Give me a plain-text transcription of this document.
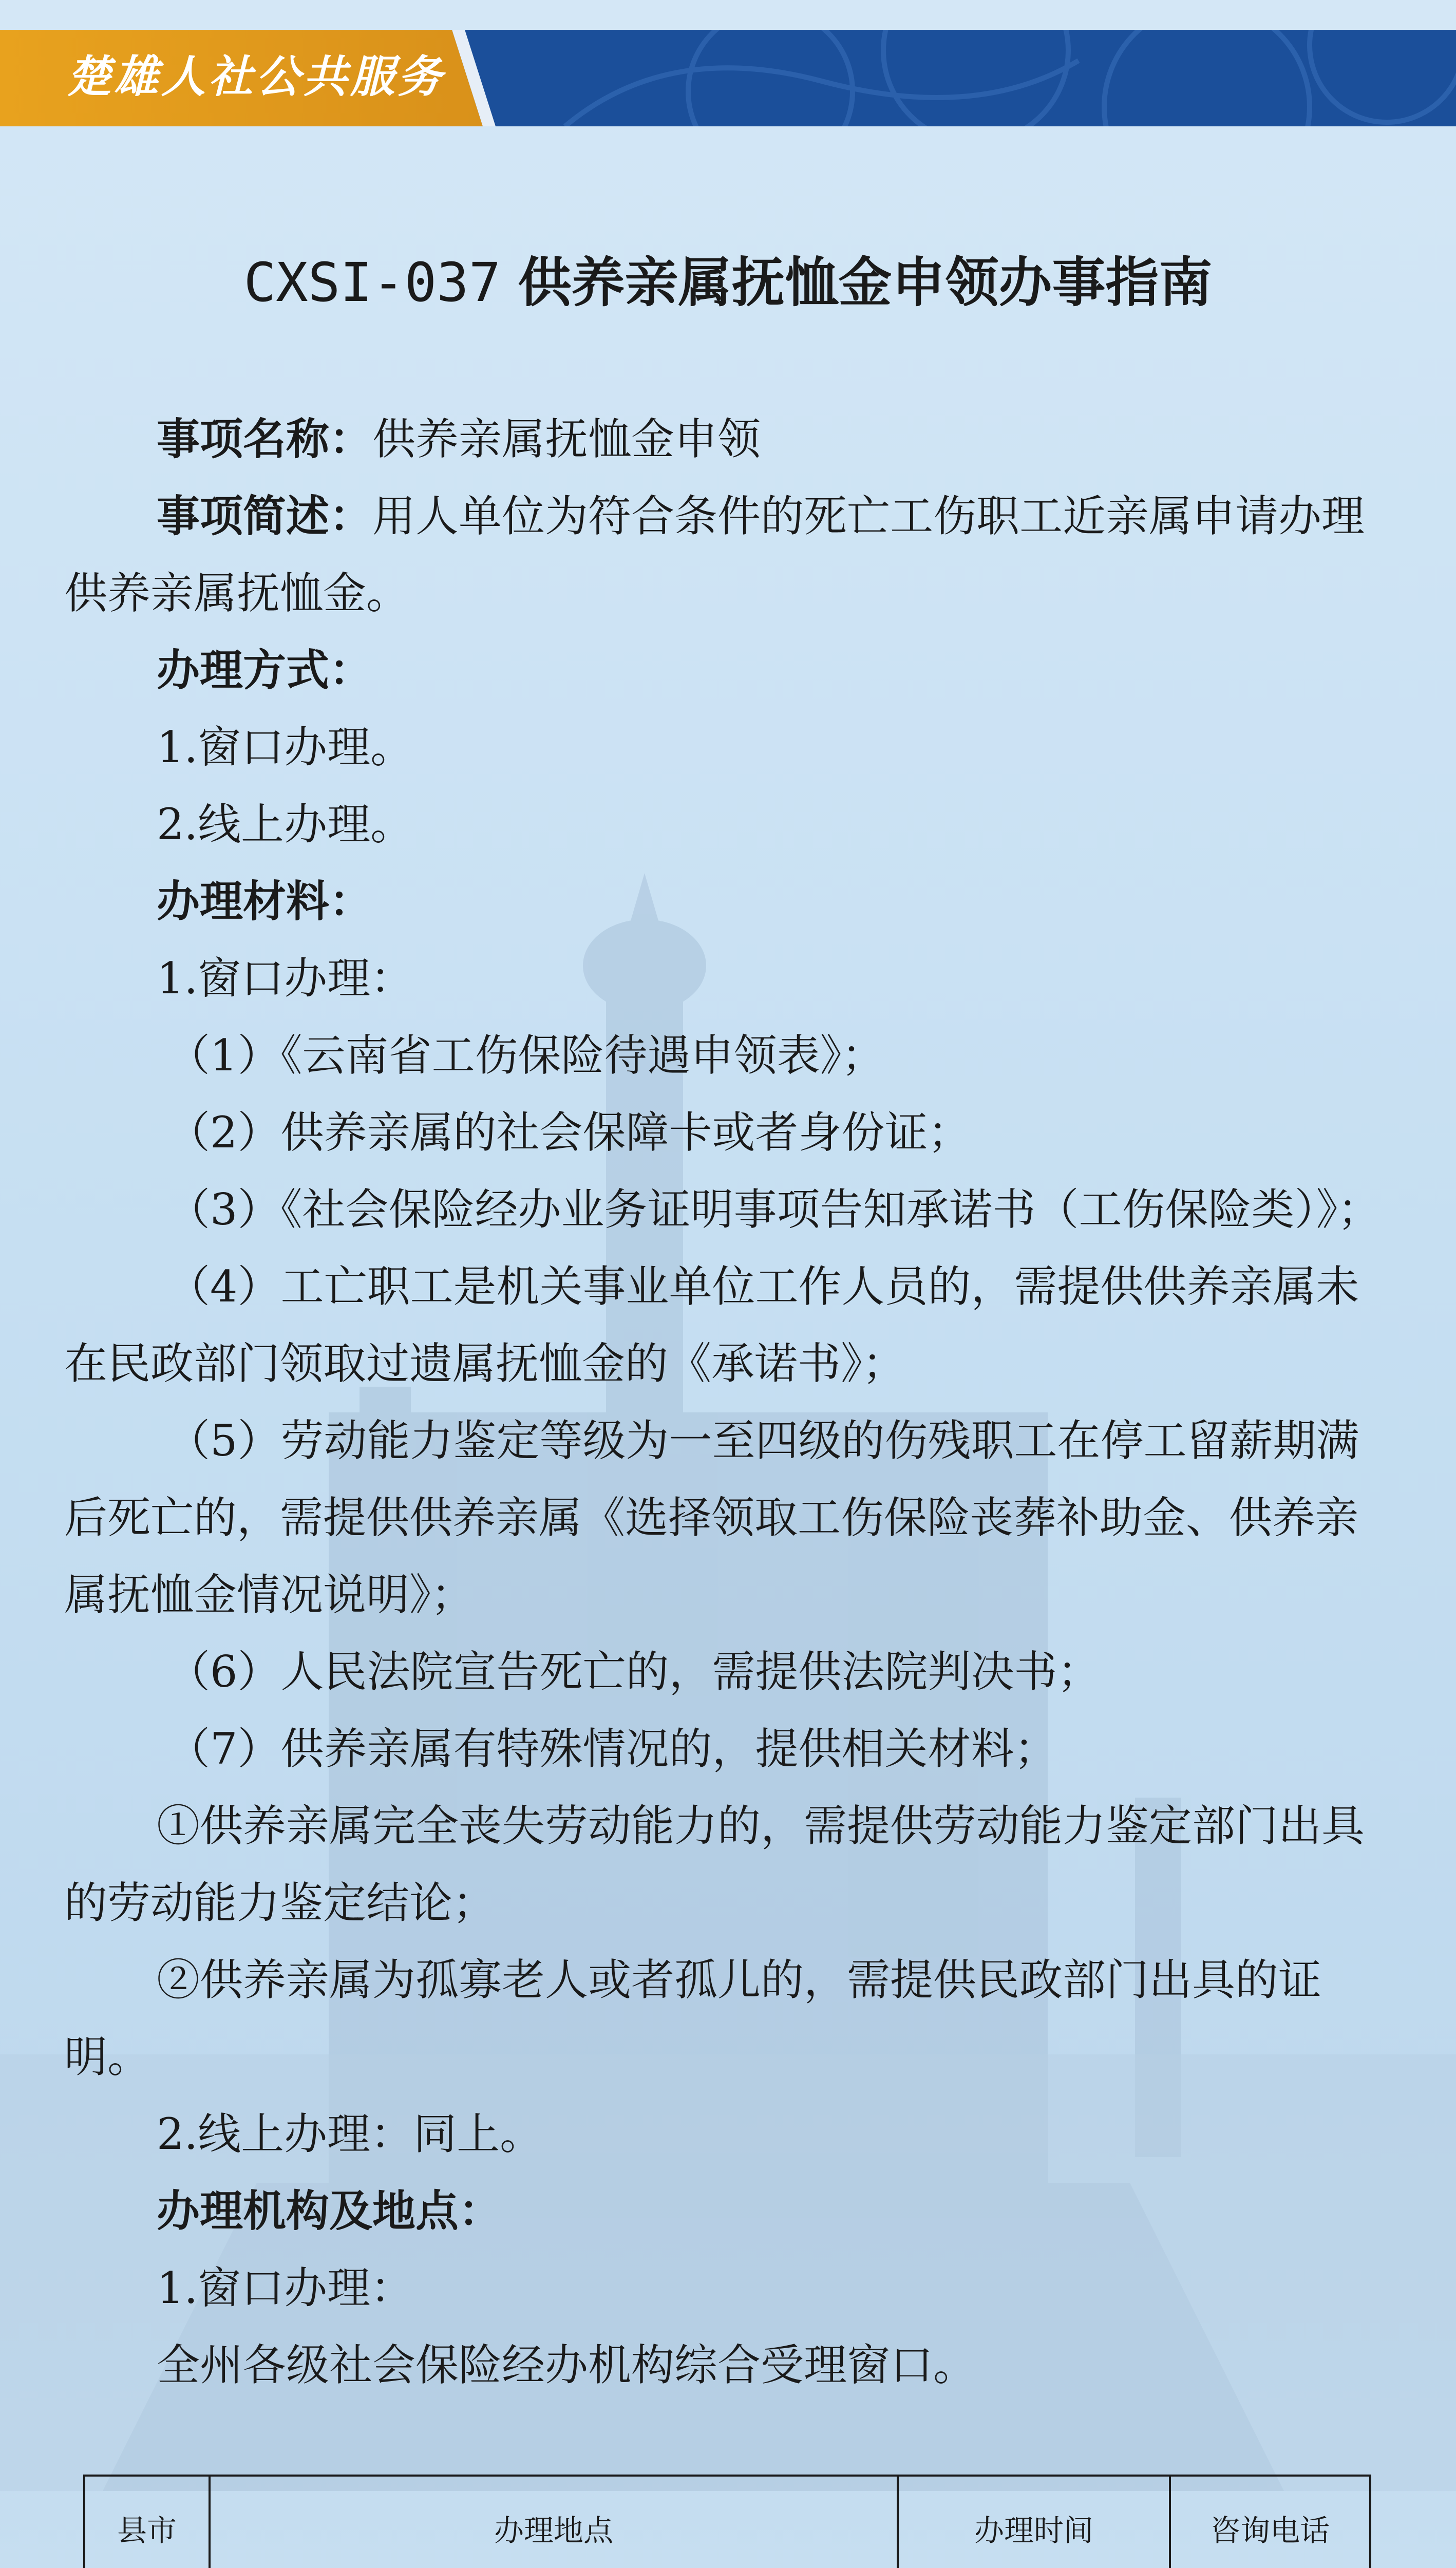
楚雄人社公共服务
CXSI-037 供养亲属抚恤金申领办事指南

事项名称：供养亲属抚恤金申领

事项简述：用人单位为符合条件的死亡工伤职工近亲属申请办理供养亲属抚恤金。

办理方式：

1.窗口办理。

2.线上办理。

办理材料：

1.窗口办理：

（1）《云南省工伤保险待遇申领表》；

（2）供养亲属的社会保障卡或者身份证；

（3）《社会保险经办业务证明事项告知承诺书（工伤保险类）》；

（4）工亡职工是机关事业单位工作人员的，需提供供养亲属未在民政部门领取过遗属抚恤金的《承诺书》；

（5）劳动能力鉴定等级为一至四级的伤残职工在停工留薪期满后死亡的，需提供供养亲属《选择领取工伤保险丧葬补助金、供养亲属抚恤金情况说明》；

（6）人民法院宣告死亡的，需提供法院判决书；

（7）供养亲属有特殊情况的，提供相关材料；

①供养亲属完全丧失劳动能力的，需提供劳动能力鉴定部门出具的劳动能力鉴定结论；

②供养亲属为孤寡老人或者孤儿的，需提供民政部门出具的证明。

2.线上办理：同上。

办理机构及地点：

1.窗口办理：

全州各级社会保险经办机构综合受理窗口。

县市	办理地点	办理时间	咨询电话
